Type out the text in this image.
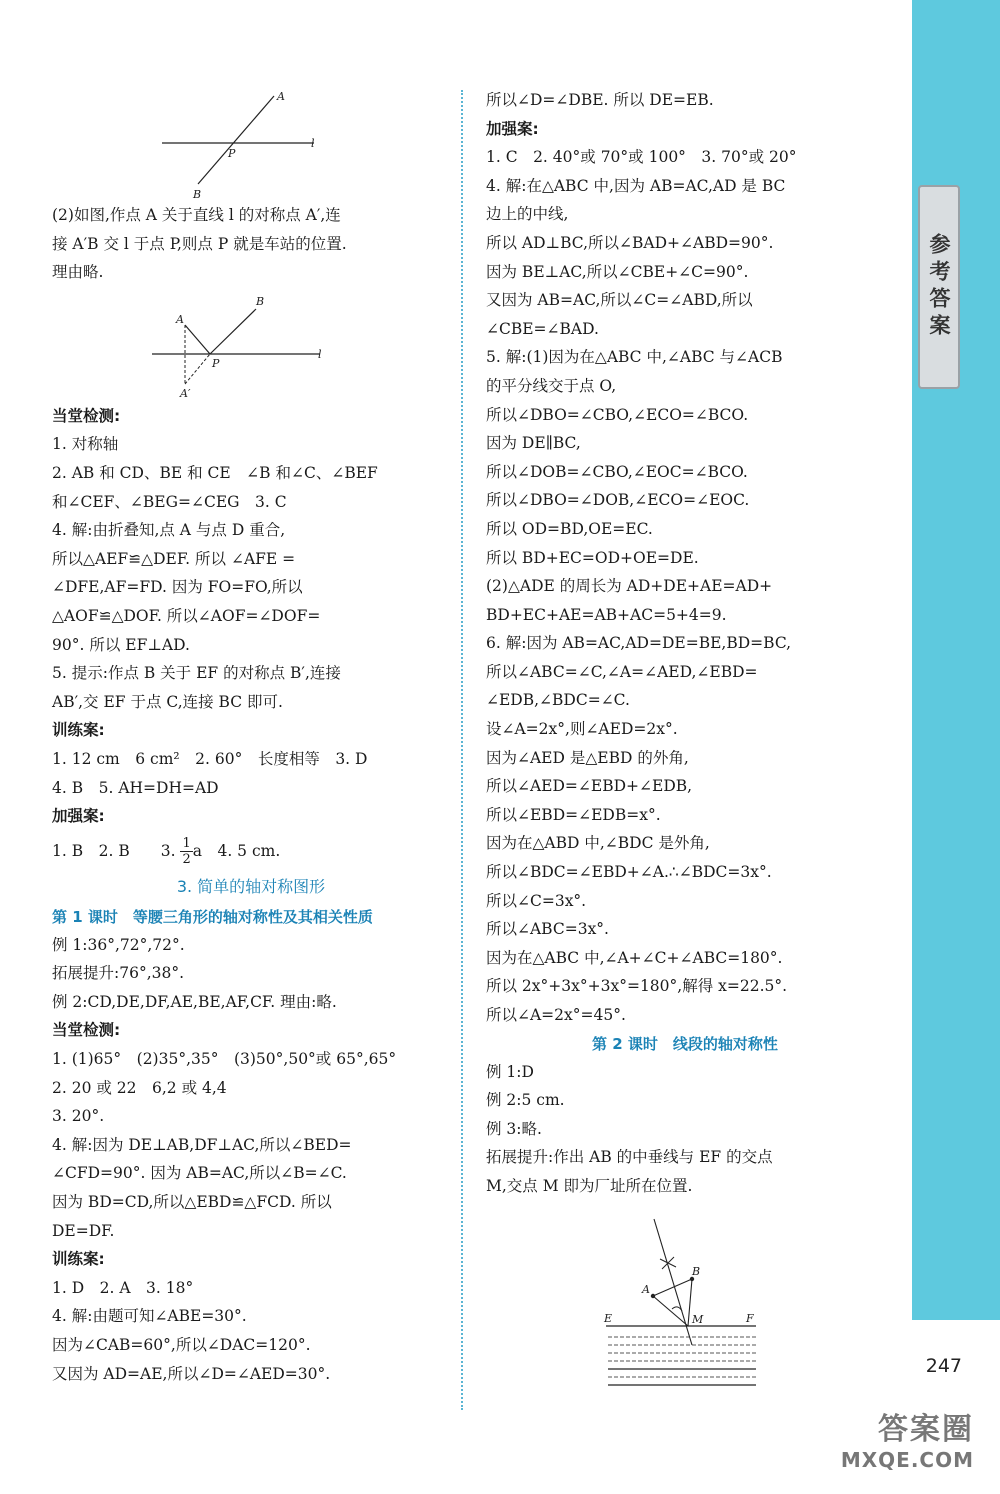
参考答案
247
A
B
P
l
(2)如图,作点 A 关于直线 l 的对称点 A′,连
接 A′B 交 l 于点 P,则点 P 就是车站的位置.
理由略.
A
B
P
A′
l
当堂检测:
1. 对称轴
2. AB 和 CD、BE 和 CE　∠B 和∠C、∠BEF
和∠CEF、∠BEG=∠CEG　3. C
4. 解:由折叠知,点 A 与点 D 重合,
所以△AEF≌△DEF. 所以 ∠AFE =
∠DFE,AF=FD. 因为 FO=FO,所以
△AOF≌△DOF. 所以∠AOF=∠DOF=
90°. 所以 EF⊥AD.
5. 提示:作点 B 关于 EF 的对称点 B′,连接
AB′,交 EF 于点 C,连接 BC 即可.
训练案:
1. 12 cm　6 cm²　2. 60°　长度相等　3. D
4. B　5. AH=DH=AD
加强案:
1. B　2. B　　3. $\frac{1}{2}$ a　4. 5 cm.
3. 简单的轴对称图形
第 1 课时　等腰三角形的轴对称性及其相关性质
例 1:36°,72°,72°.
拓展提升:76°,38°.
例 2:CD,DE,DF,AE,BE,AF,CF. 理由:略.
当堂检测:
1. (1)65°　(2)35°,35°　(3)50°,50°或 65°,65°
2. 20 或 22　6,2 或 4,4
3. 20°.
4. 解:因为 DE⊥AB,DF⊥AC,所以∠BED=
∠CFD=90°. 因为 AB=AC,所以∠B=∠C.
因为 BD=CD,所以△EBD≌△FCD. 所以
DE=DF.
训练案:
1. D　2. A　3. 18°
4. 解:由题可知∠ABE=30°.
因为∠CAB=60°,所以∠DAC=120°.
又因为 AD=AE,所以∠D=∠AED=30°.
所以∠D=∠DBE. 所以 DE=EB.
加强案:
1. C　2. 40°或 70°或 100°　3. 70°或 20°
4. 解:在△ABC 中,因为 AB=AC,AD 是 BC
边上的中线,
所以 AD⊥BC,所以∠BAD+∠ABD=90°.
因为 BE⊥AC,所以∠CBE+∠C=90°.
又因为 AB=AC,所以∠C=∠ABD,所以
∠CBE=∠BAD.
5. 解:(1)因为在△ABC 中,∠ABC 与∠ACB
的平分线交于点 O,
所以∠DBO=∠CBO,∠ECO=∠BCO.
因为 DE∥BC,
所以∠DOB=∠CBO,∠EOC=∠BCO.
所以∠DBO=∠DOB,∠ECO=∠EOC.
所以 OD=BD,OE=EC.
所以 BD+EC=OD+OE=DE.
(2)△ADE 的周长为 AD+DE+AE=AD+
BD+EC+AE=AB+AC=5+4=9.
6. 解:因为 AB=AC,AD=DE=BE,BD=BC,
所以∠ABC=∠C,∠A=∠AED,∠EBD=
∠EDB,∠BDC=∠C.
设∠A=2x°,则∠AED=2x°.
因为∠AED 是△EBD 的外角,
所以∠AED=∠EBD+∠EDB,
所以∠EBD=∠EDB=x°.
因为在△ABD 中,∠BDC 是外角,
所以∠BDC=∠EBD+∠A.∴∠BDC=3x°.
所以∠C=3x°.
所以∠ABC=3x°.
因为在△ABC 中,∠A+∠C+∠ABC=180°.
所以 2x°+3x°+3x°=180°,解得 x=22.5°.
所以∠A=2x°=45°.
第 2 课时　线段的轴对称性
例 1:D
例 2:5 cm.
例 3:略.
拓展提升:作出 AB 的中垂线与 EF 的交点
M,交点 M 即为厂址所在位置.
A
B
E	M	F
答案圈
MXQE.COM
